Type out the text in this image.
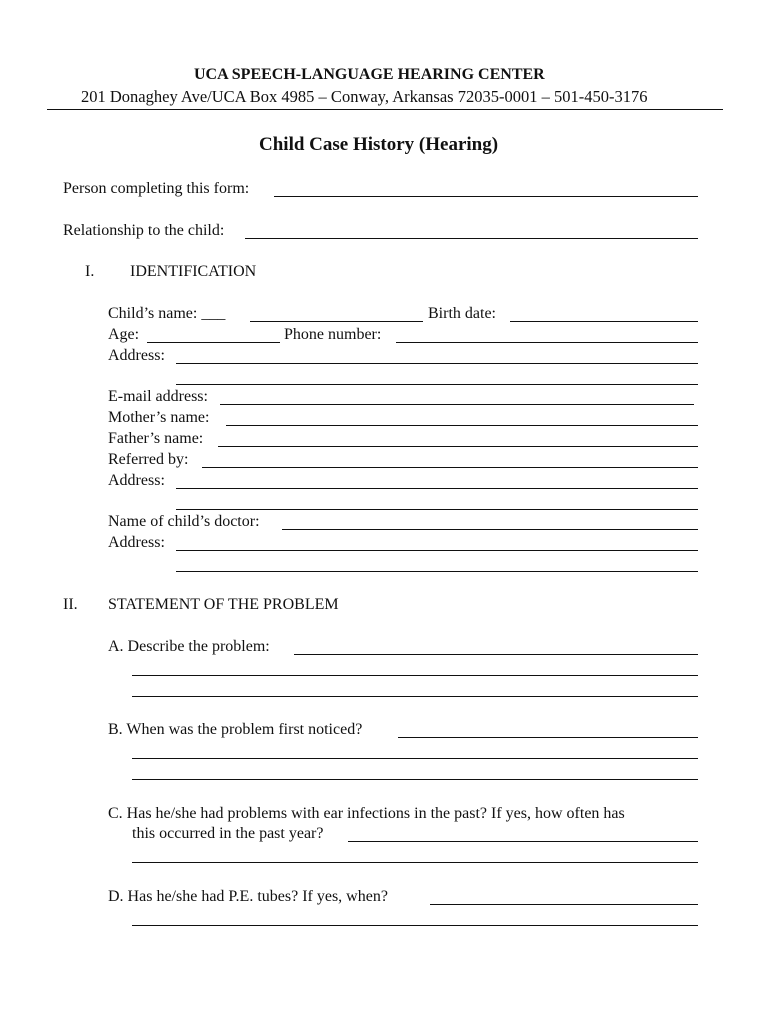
UCA SPEECH-LANGUAGE HEARING CENTER
201 Donaghey Ave/UCA Box 4985 – Conway, Arkansas 72035-0001 – 501-450-3176
Child Case History (Hearing)
Person completing this form:
Relationship to the child:
I. IDENTIFICATION
Child’s name: ___	Birth date:
Age:	Phone number:
Address:
E-mail address:
Mother’s name:
Father’s name:
Referred by:
Address:
Name of child’s doctor:
Address:
II. STATEMENT OF THE PROBLEM
A. Describe the problem:
B. When was the problem first noticed?
C. Has he/she had problems with ear infections in the past? If yes, how often has
this occurred in the past year?
D. Has he/she had P.E. tubes? If yes, when?
